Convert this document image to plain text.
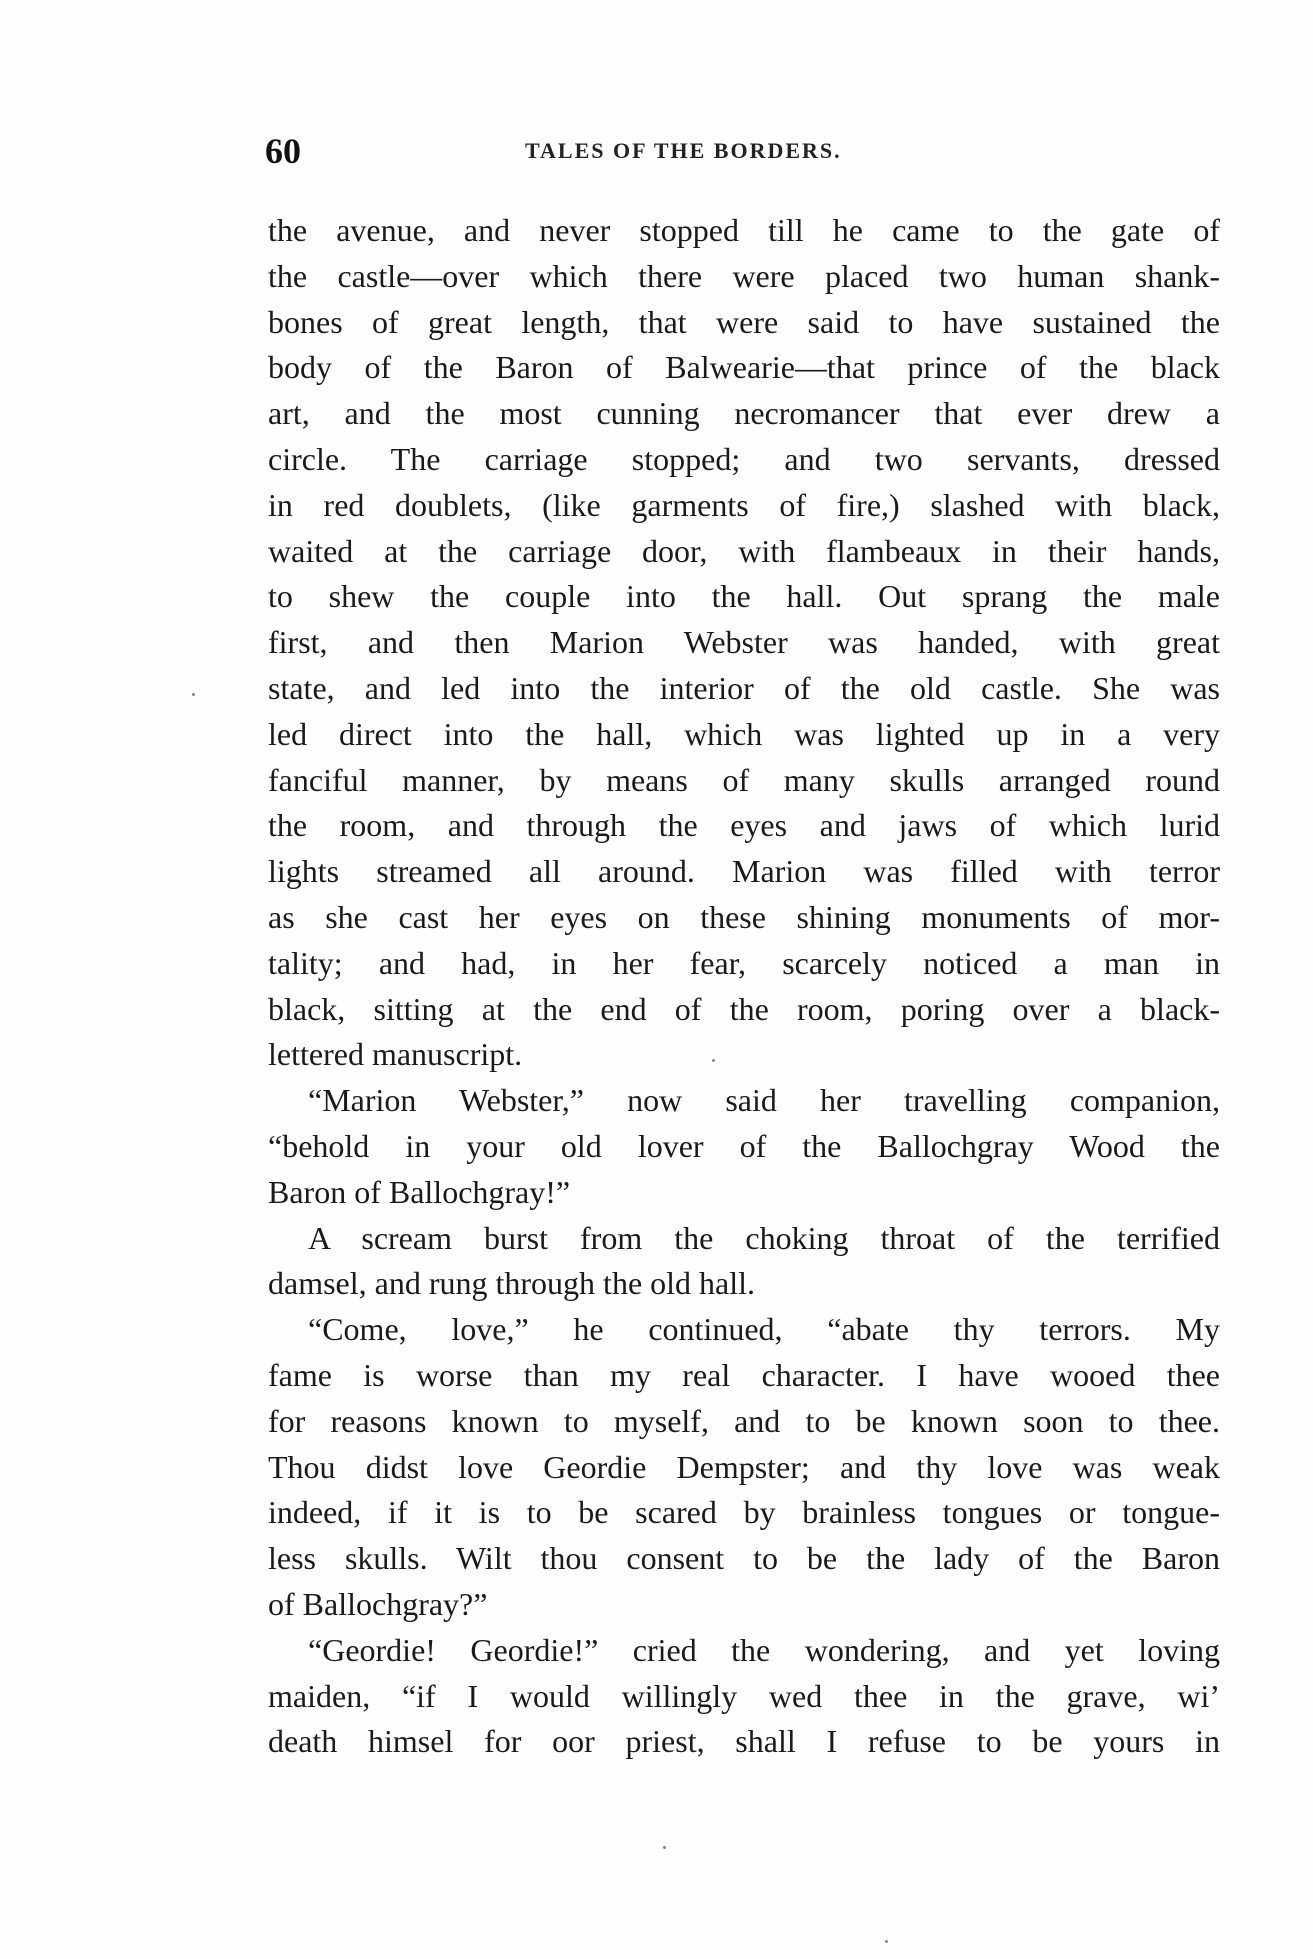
60	TALES OF THE BORDERS.
the avenue, and never stopped till he came to the gate of
the castle—over which there were placed two human shank-
bones of great length, that were said to have sustained the
body of the Baron of Balwearie—that prince of the black
art, and the most cunning necromancer that ever drew a
circle. The carriage stopped; and two servants, dressed
in red doublets, (like garments of fire,) slashed with black,
waited at the carriage door, with flambeaux in their hands,
to shew the couple into the hall. Out sprang the male
first, and then Marion Webster was handed, with great
state, and led into the interior of the old castle. She was
led direct into the hall, which was lighted up in a very
fanciful manner, by means of many skulls arranged round
the room, and through the eyes and jaws of which lurid
lights streamed all around. Marion was filled with terror
as she cast her eyes on these shining monuments of mor-
tality; and had, in her fear, scarcely noticed a man in
black, sitting at the end of the room, poring over a black-
lettered manuscript.
“Marion Webster,” now said her travelling companion,
“behold in your old lover of the Ballochgray Wood the
Baron of Ballochgray!”
A scream burst from the choking throat of the terrified
damsel, and rung through the old hall.
“Come, love,” he continued, “abate thy terrors. My
fame is worse than my real character. I have wooed thee
for reasons known to myself, and to be known soon to thee.
Thou didst love Geordie Dempster; and thy love was weak
indeed, if it is to be scared by brainless tongues or tongue-
less skulls. Wilt thou consent to be the lady of the Baron
of Ballochgray?”
“Geordie! Geordie!” cried the wondering, and yet loving
maiden, “if I would willingly wed thee in the grave, wi’
death himsel for oor priest, shall I refuse to be yours in
